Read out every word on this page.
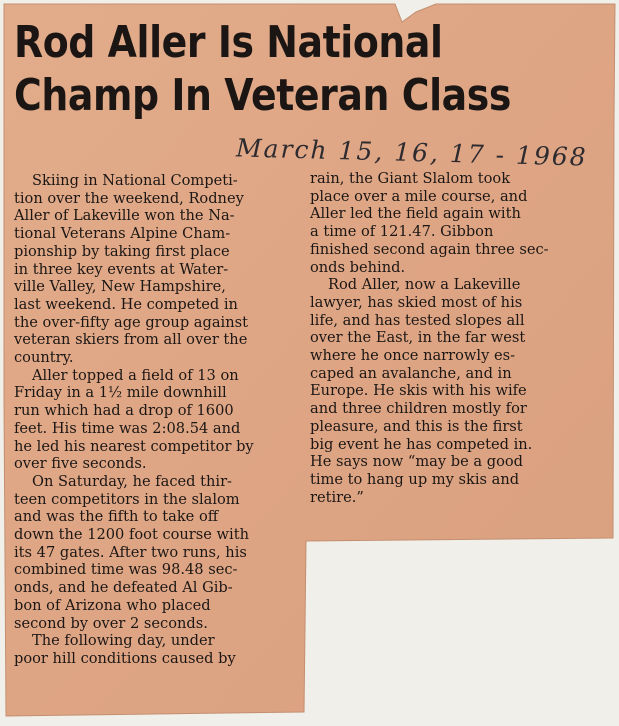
Rod Aller Is National
Champ In Veteran Class
March 15, 16, 17 - 1968

Skiing in National Competi-

tion over the weekend, Rodney

Aller of Lakeville won the Na-

tional Veterans Alpine Cham-

pionship by taking first place

in three key events at Water-

ville Valley, New Hampshire,

last weekend. He competed in

the over-fifty age group against

veteran skiers from all over the

country.

Aller topped a field of 13 on

Friday in a 1½ mile downhill

run which had a drop of 1600

feet. His time was 2:08.54 and

he led his nearest competitor by

over five seconds.

On Saturday, he faced thir-

teen competitors in the slalom

and was the fifth to take off

down the 1200 foot course with

its 47 gates. After two runs, his

combined time was 98.48 sec-

onds, and he defeated Al Gib-

bon of Arizona who placed

second by over 2 seconds.

The following day, under

poor hill conditions caused by

rain, the Giant Slalom took

place over a mile course, and

Aller led the field again with

a time of 121.47. Gibbon

finished second again three sec-

onds behind.

Rod Aller, now a Lakeville

lawyer, has skied most of his

life, and has tested slopes all

over the East, in the far west

where he once narrowly es-

caped an avalanche, and in

Europe. He skis with his wife

and three children mostly for

pleasure, and this is the first

big event he has competed in.

He says now “may be a good

time to hang up my skis and

retire.”
